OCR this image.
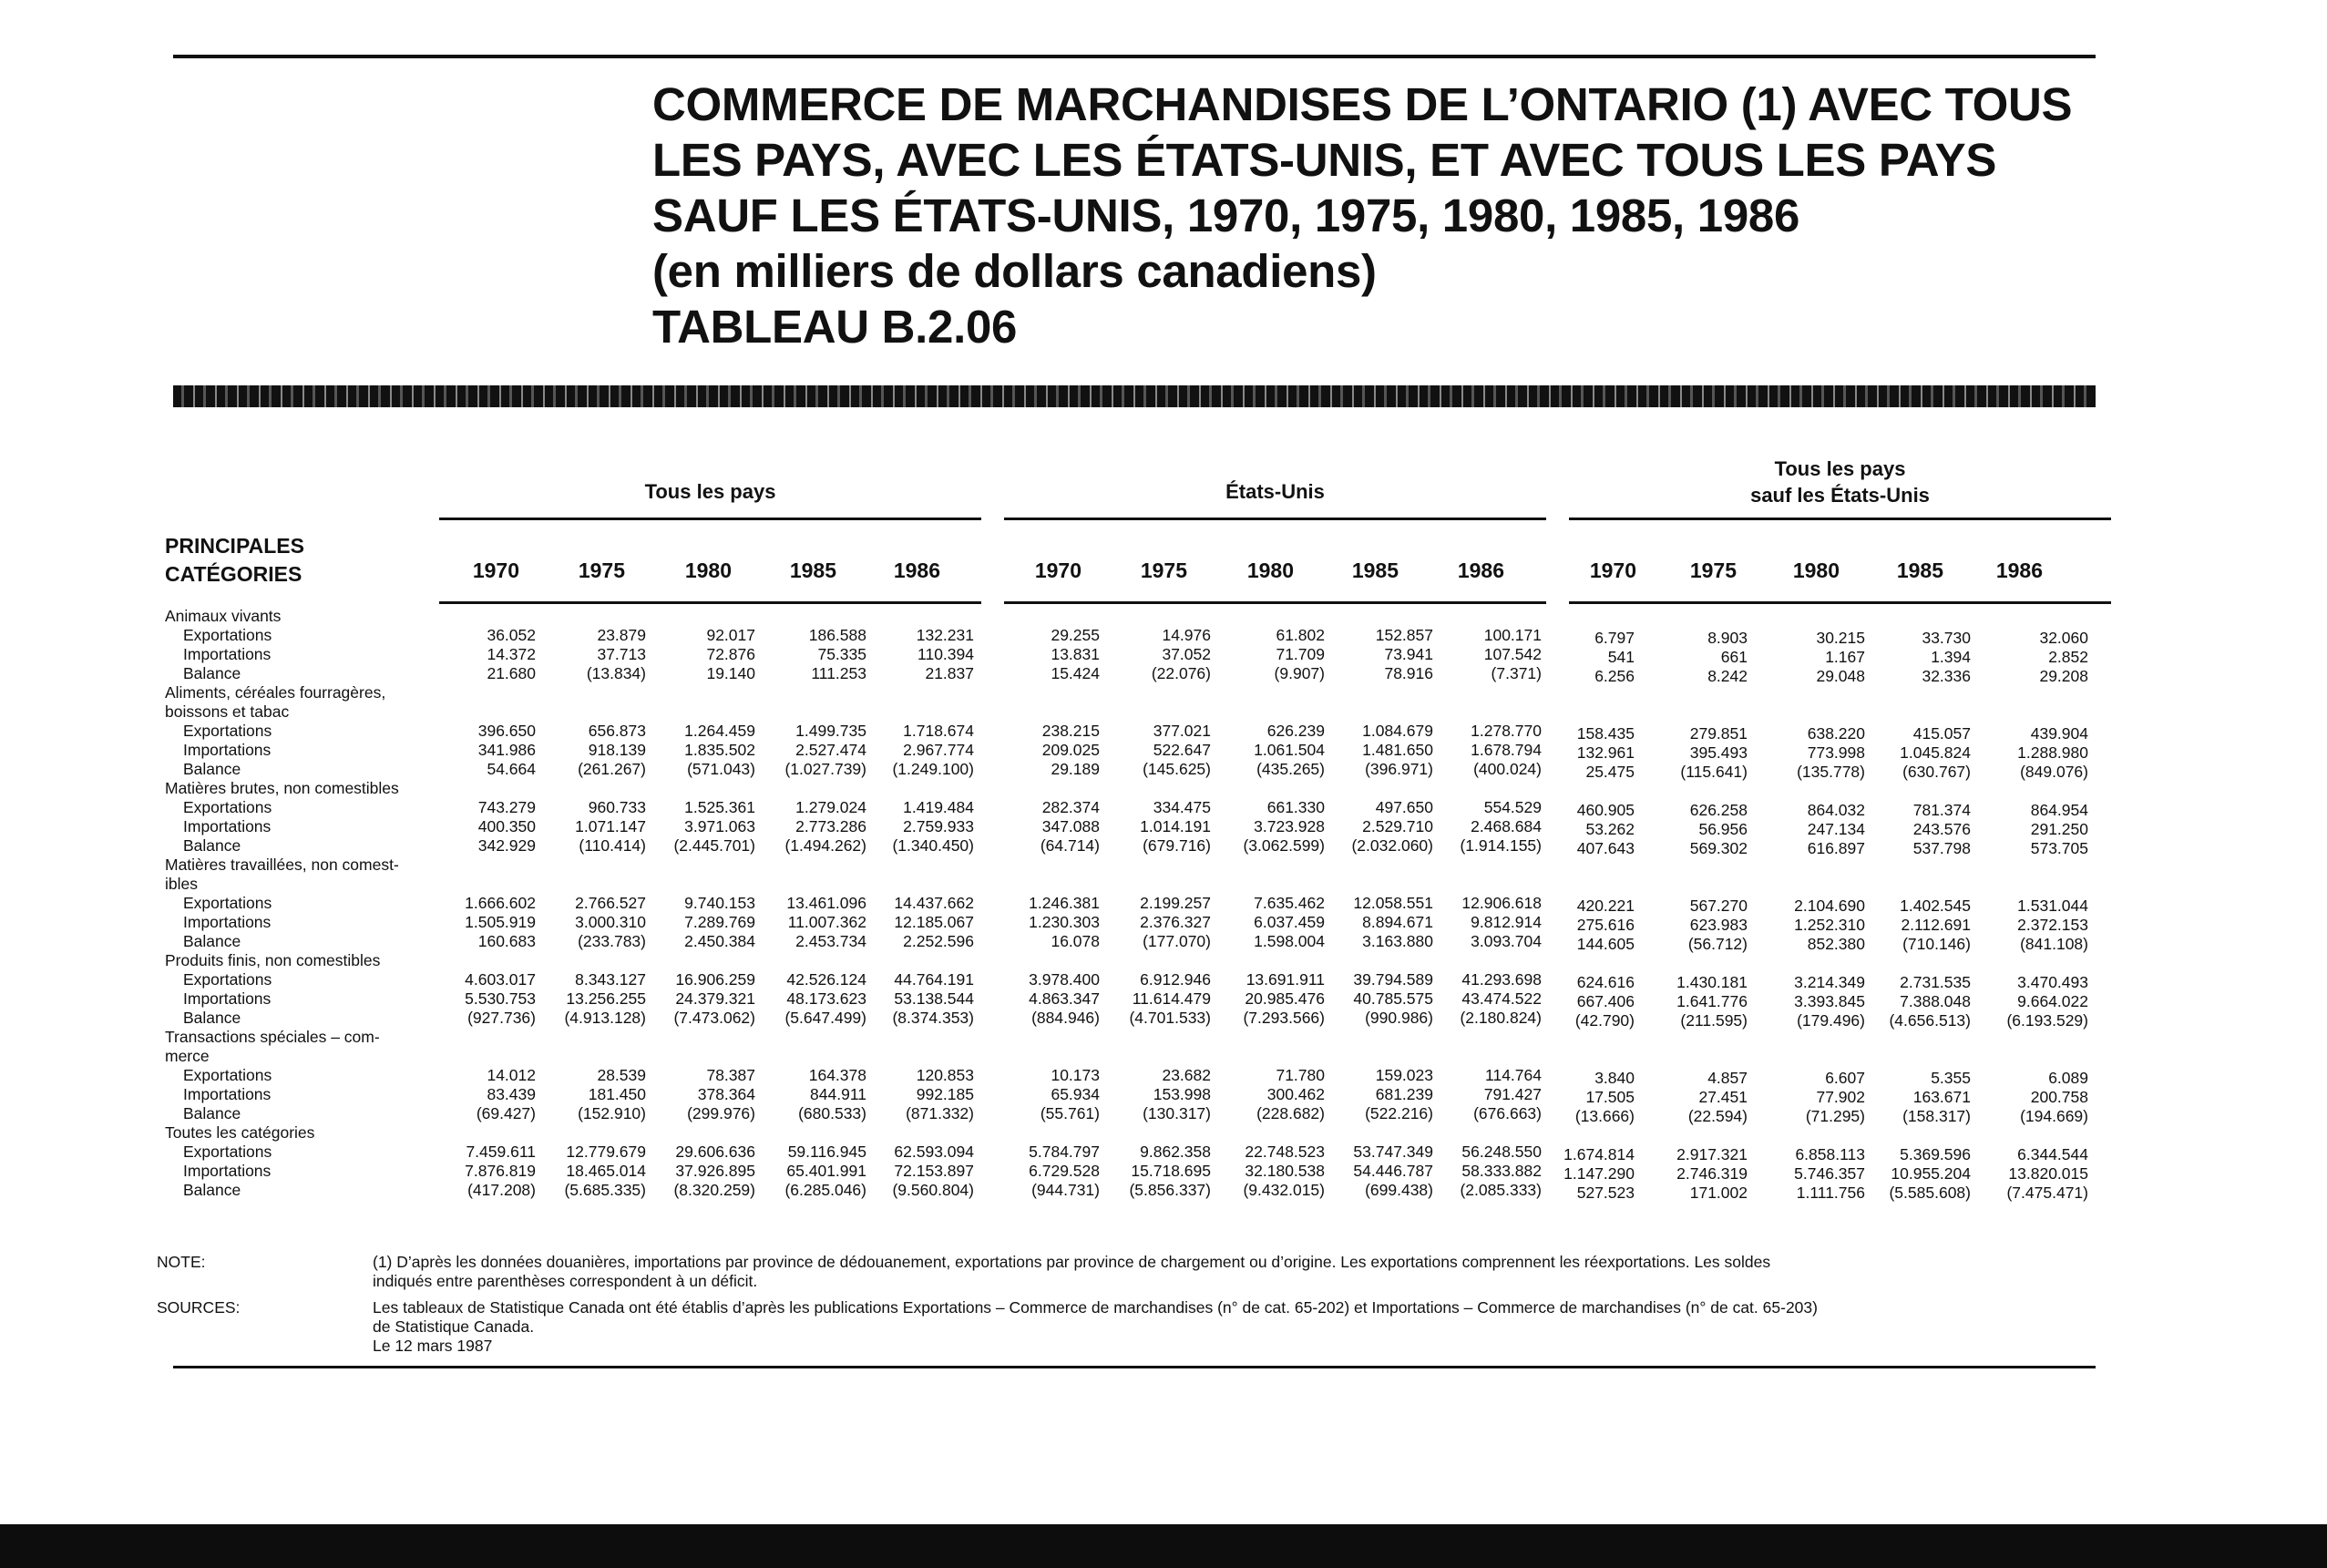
COMMERCE DE MARCHANDISES DE L’ONTARIO (1) AVEC TOUS
LES PAYS, AVEC LES ÉTATS-UNIS, ET AVEC TOUS LES PAYS
SAUF LES ÉTATS-UNIS, 1970, 1975, 1980, 1985, 1986
(en milliers de dollars canadiens)
TABLEAU B.2.06
PRINCIPALES
CATÉGORIES
Tous les pays
1970	1975	1980	1985	1986
États-Unis
1970	1975	1980	1985	1986
Tous les pays
sauf les États-Unis
1970	1975	1980	1985	1986
Animaux vivants
Exportations	36.052	23.879	92.017	186.588	132.231	29.255	14.976	61.802	152.857	100.171	6.797	8.903	30.215	33.730	32.060
Importations	14.372	37.713	72.876	75.335	110.394	13.831	37.052	71.709	73.941	107.542	541	661	1.167	1.394	2.852
Balance	21.680	(13.834)	19.140	111.253	21.837	15.424	(22.076)	(9.907)	78.916	(7.371)	6.256	8.242	29.048	32.336	29.208
Aliments, céréales fourragères,
boissons et tabac
Exportations	396.650	656.873	1.264.459	1.499.735	1.718.674	238.215	377.021	626.239	1.084.679	1.278.770	158.435	279.851	638.220	415.057	439.904
Importations	341.986	918.139	1.835.502	2.527.474	2.967.774	209.025	522.647	1.061.504	1.481.650	1.678.794	132.961	395.493	773.998	1.045.824	1.288.980
Balance	54.664	(261.267)	(571.043)	(1.027.739)	(1.249.100)	29.189	(145.625)	(435.265)	(396.971)	(400.024)	25.475	(115.641)	(135.778)	(630.767)	(849.076)
Matières brutes, non comestibles
Exportations	743.279	960.733	1.525.361	1.279.024	1.419.484	282.374	334.475	661.330	497.650	554.529	460.905	626.258	864.032	781.374	864.954
Importations	400.350	1.071.147	3.971.063	2.773.286	2.759.933	347.088	1.014.191	3.723.928	2.529.710	2.468.684	53.262	56.956	247.134	243.576	291.250
Balance	342.929	(110.414)	(2.445.701)	(1.494.262)	(1.340.450)	(64.714)	(679.716)	(3.062.599)	(2.032.060)	(1.914.155)	407.643	569.302	616.897	537.798	573.705
Matières travaillées, non comest-
ibles
Exportations	1.666.602	2.766.527	9.740.153	13.461.096	14.437.662	1.246.381	2.199.257	7.635.462	12.058.551	12.906.618	420.221	567.270	2.104.690	1.402.545	1.531.044
Importations	1.505.919	3.000.310	7.289.769	11.007.362	12.185.067	1.230.303	2.376.327	6.037.459	8.894.671	9.812.914	275.616	623.983	1.252.310	2.112.691	2.372.153
Balance	160.683	(233.783)	2.450.384	2.453.734	2.252.596	16.078	(177.070)	1.598.004	3.163.880	3.093.704	144.605	(56.712)	852.380	(710.146)	(841.108)
Produits finis, non comestibles
Exportations	4.603.017	8.343.127	16.906.259	42.526.124	44.764.191	3.978.400	6.912.946	13.691.911	39.794.589	41.293.698	624.616	1.430.181	3.214.349	2.731.535	3.470.493
Importations	5.530.753	13.256.255	24.379.321	48.173.623	53.138.544	4.863.347	11.614.479	20.985.476	40.785.575	43.474.522	667.406	1.641.776	3.393.845	7.388.048	9.664.022
Balance	(927.736)	(4.913.128)	(7.473.062)	(5.647.499)	(8.374.353)	(884.946)	(4.701.533)	(7.293.566)	(990.986)	(2.180.824)	(42.790)	(211.595)	(179.496)	(4.656.513)	(6.193.529)
Transactions spéciales – com-
merce
Exportations	14.012	28.539	78.387	164.378	120.853	10.173	23.682	71.780	159.023	114.764	3.840	4.857	6.607	5.355	6.089
Importations	83.439	181.450	378.364	844.911	992.185	65.934	153.998	300.462	681.239	791.427	17.505	27.451	77.902	163.671	200.758
Balance	(69.427)	(152.910)	(299.976)	(680.533)	(871.332)	(55.761)	(130.317)	(228.682)	(522.216)	(676.663)	(13.666)	(22.594)	(71.295)	(158.317)	(194.669)
Toutes les catégories
Exportations	7.459.611	12.779.679	29.606.636	59.116.945	62.593.094	5.784.797	9.862.358	22.748.523	53.747.349	56.248.550	1.674.814	2.917.321	6.858.113	5.369.596	6.344.544
Importations	7.876.819	18.465.014	37.926.895	65.401.991	72.153.897	6.729.528	15.718.695	32.180.538	54.446.787	58.333.882	1.147.290	2.746.319	5.746.357	10.955.204	13.820.015
Balance	(417.208)	(5.685.335)	(8.320.259)	(6.285.046)	(9.560.804)	(944.731)	(5.856.337)	(9.432.015)	(699.438)	(2.085.333)	527.523	171.002	1.111.756	(5.585.608)	(7.475.471)
NOTE:	(1) D’après les données douanières, importations par province de dédouanement, exportations par province de chargement ou d’origine. Les exportations comprennent les réexportations. Les soldes
indiqués entre parenthèses correspondent à un déficit.
SOURCES:	Les tableaux de Statistique Canada ont été établis d’après les publications Exportations – Commerce de marchandises (n° de cat. 65-202) et Importations – Commerce de marchandises (n° de cat. 65-203)
de Statistique Canada.
Le 12 mars 1987
